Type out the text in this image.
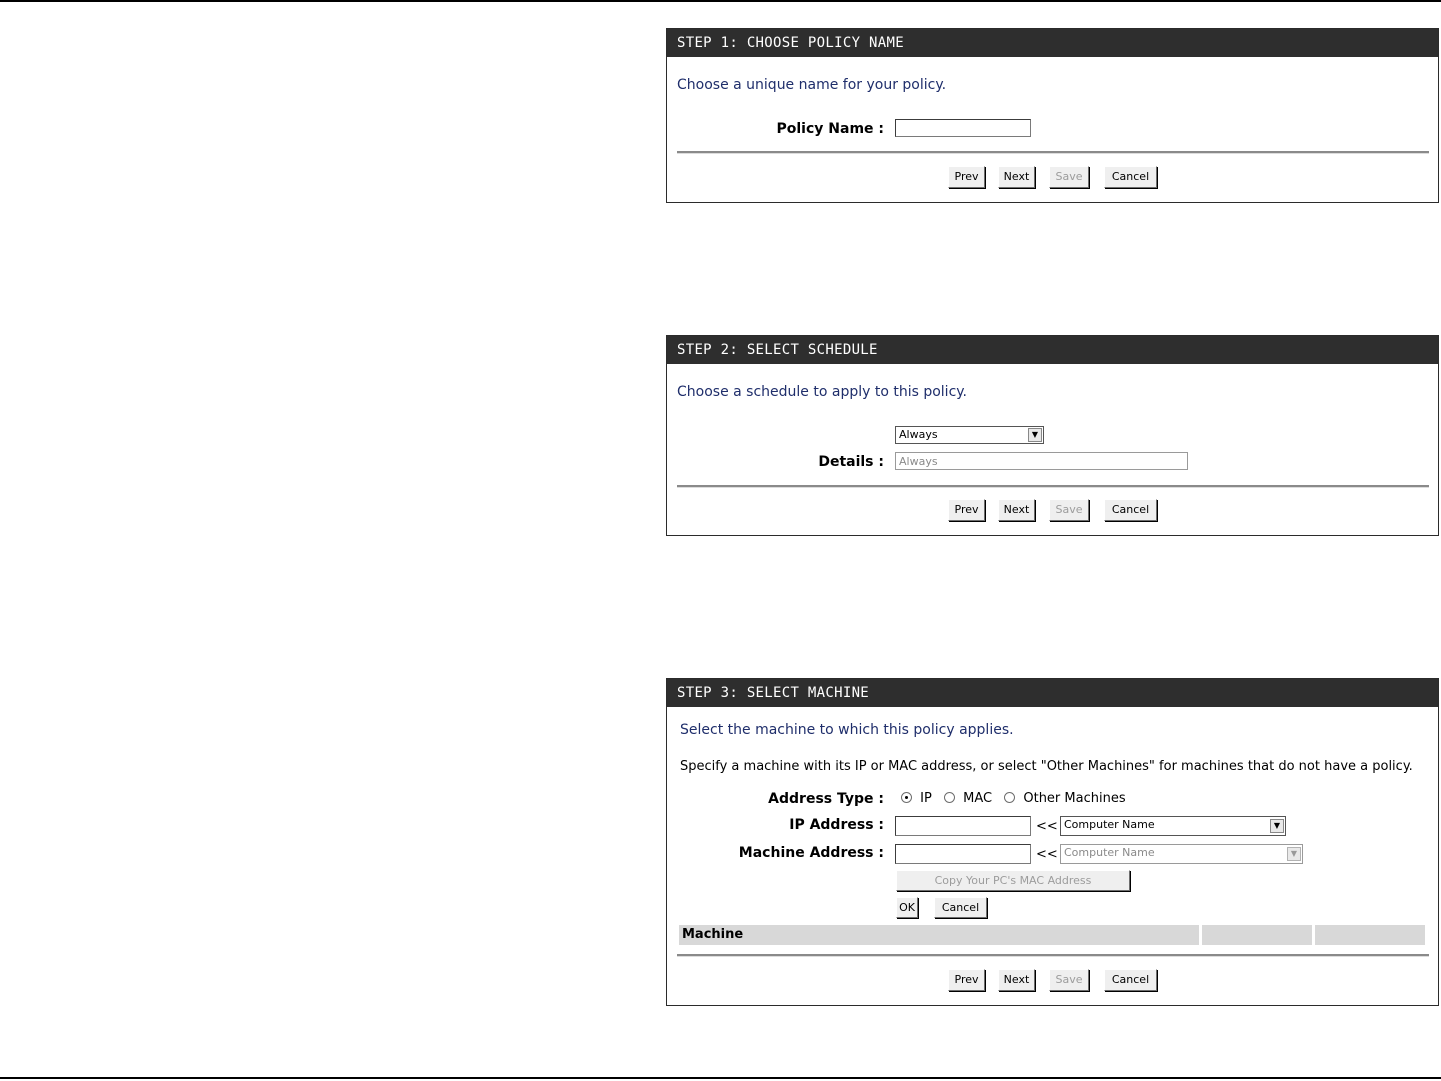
STEP 1: CHOOSE POLICY NAME
Choose a unique name for your policy.
Policy Name :
Prev	Next	Save	Cancel
STEP 2: SELECT SCHEDULE
Choose a schedule to apply to this policy.
Always	▼
Details :
Always
Prev	Next	Save	Cancel
STEP 3: SELECT MACHINE
Select the machine to which this policy applies.
Specify a machine with its IP or MAC address, or select "Other Machines" for machines that do not have a policy.
Address Type :	IP MAC Other Machines
IP Address :	<< Computer Name	▼
Machine Address :	<< Computer Name	▼
Copy Your PC's MAC Address
OK	Cancel
Machine
Prev	Next	Save	Cancel
